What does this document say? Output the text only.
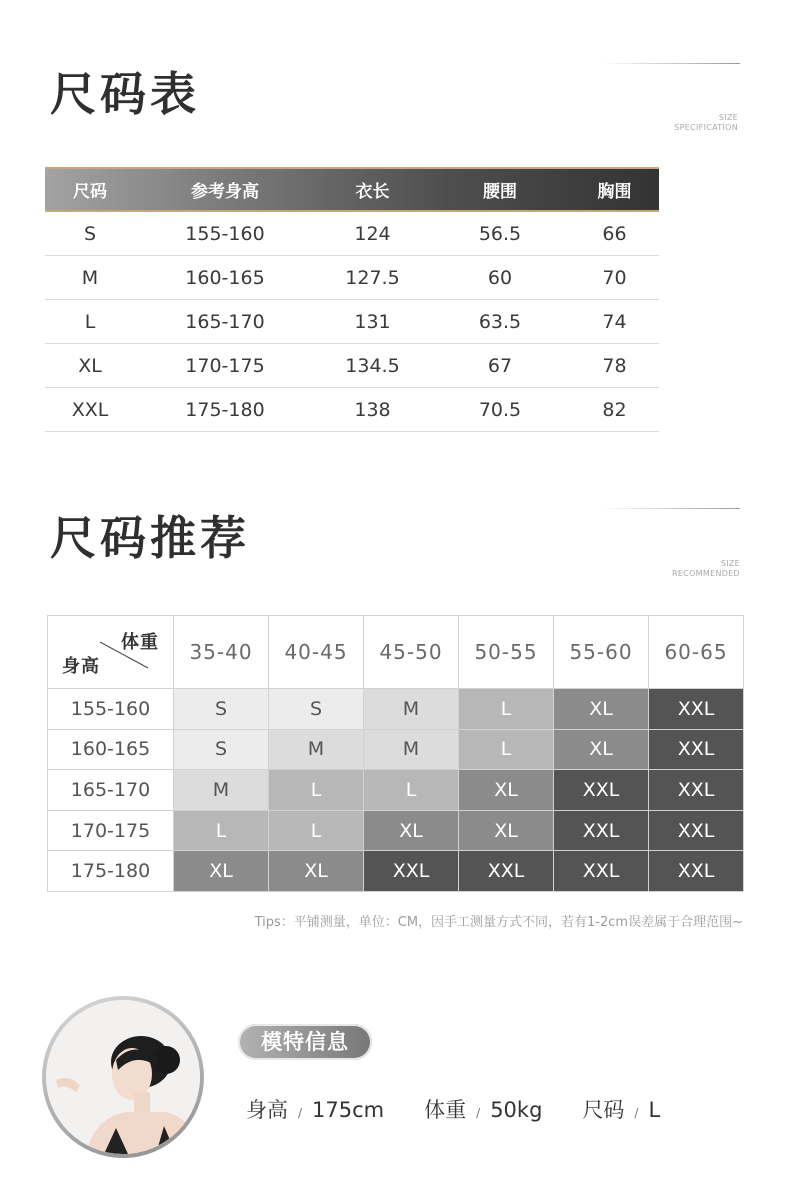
尺码表	SIZE
SPECIFICATION
尺码	参考身高	衣长	腰围	胸围
S	155-160	124	56.5	66
M	160-165	127.5	60	70
L	165-170	131	63.5	74
XL	170-175	134.5	67	78
XXL	175-180	138	70.5	82
尺码推荐	SIZE
RECOMMENDED
体重
身高	35-40	40-45	45-50	50-55	55-60	60-65
155-160	S	S	M	L	XL	XXL
160-165	S	M	M	L	XL	XXL
165-170	M	L	L	XL	XXL	XXL
170-175	L	L	XL	XL	XXL	XXL
175-180	XL	XL	XXL	XXL	XXL	XXL
Tips：平铺测量，单位：CM，因手工测量方式不同，若有1-2cm误差属于合理范围~
模特信息
身高 / 175cm 体重 / 50kg 尺码 / L
